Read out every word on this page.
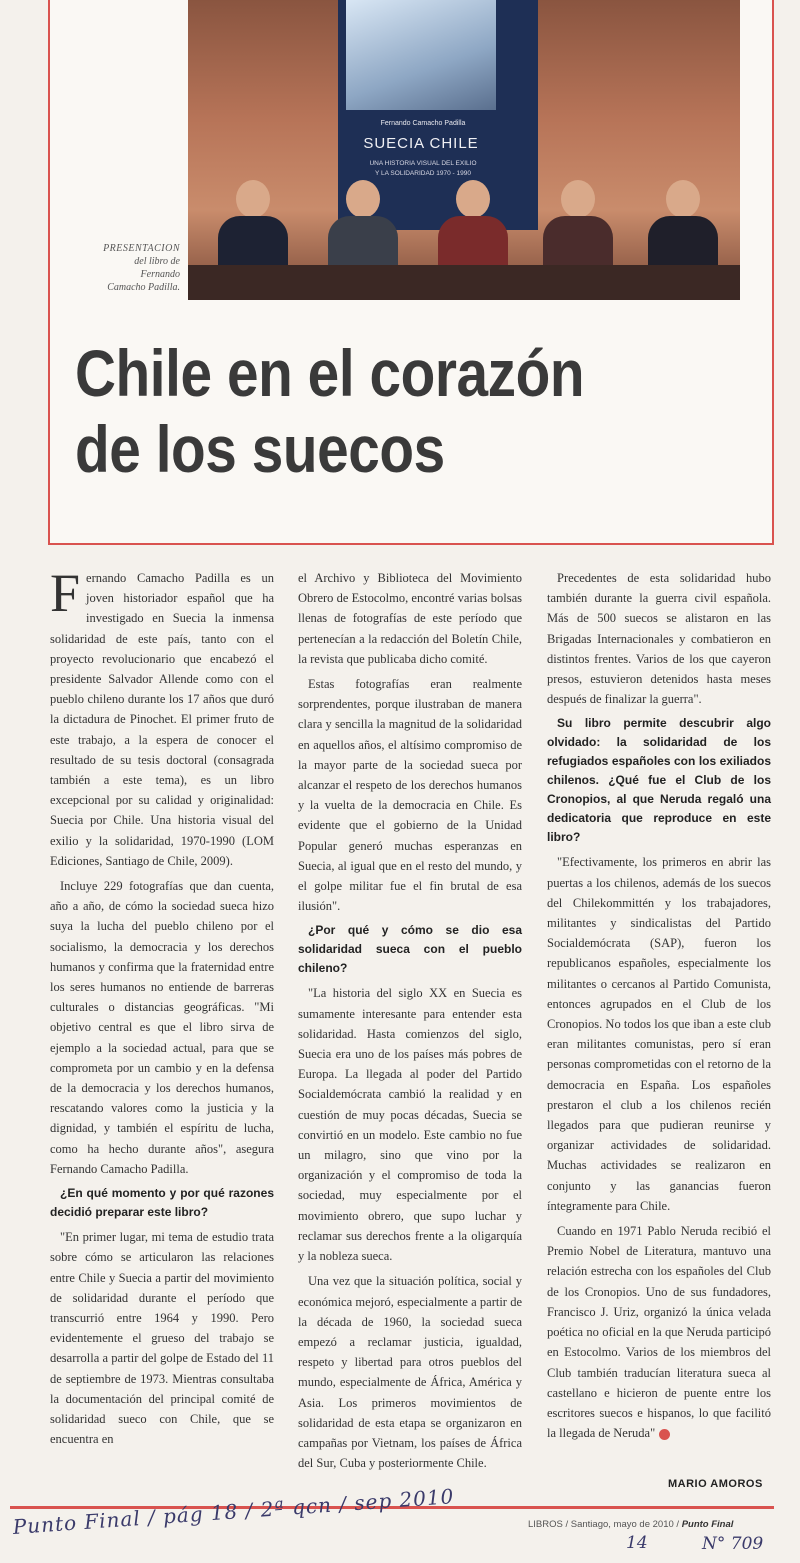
Fernando Camacho Padilla
SUECIA CHILE
UNA HISTORIA VISUAL DEL EXILIO
Y LA SOLIDARIDAD 1970 - 1990
PRESENTACION
del libro de
Fernando
Camacho Padilla.
Chile en el corazón
de los suecos

Fernando Camacho Padilla es un joven historiador español que ha investigado en Suecia la inmensa solidaridad de este país, tanto con el proyecto revolucionario que encabezó el presidente Salvador Allende como con el pueblo chileno durante los 17 años que duró la dictadura de Pinochet. El primer fruto de este trabajo, a la espera de conocer el resultado de su tesis doctoral (consagrada también a este tema), es un libro excepcional por su calidad y originalidad: Suecia por Chile. Una historia visual del exilio y la solidaridad, 1970-1990 (LOM Ediciones, Santiago de Chile, 2009).

Incluye 229 fotografías que dan cuenta, año a año, de cómo la sociedad sueca hizo suya la lucha del pueblo chileno por el socialismo, la democracia y los derechos humanos y confirma que la fraternidad entre los seres humanos no entiende de barreras culturales o distancias geográficas. "Mi objetivo central es que el libro sirva de ejemplo a la sociedad actual, para que se comprometa por un cambio y en la defensa de la democracia y los derechos humanos, rescatando valores como la justicia y la dignidad, y también el espíritu de lucha, como ha hecho durante años", asegura Fernando Camacho Padilla.

¿En qué momento y por qué razones decidió preparar este libro?

"En primer lugar, mi tema de estudio trata sobre cómo se articularon las relaciones entre Chile y Suecia a partir del movimiento de solidaridad durante el período que transcurrió entre 1964 y 1990. Pero evidentemente el grueso del trabajo se desarrolla a partir del golpe de Estado del 11 de septiembre de 1973. Mientras consultaba la documentación del principal comité de solidaridad sueco con Chile, que se encuentra en

el Archivo y Biblioteca del Movimiento Obrero de Estocolmo, encontré varias bolsas llenas de fotografías de este período que pertenecían a la redacción del Boletín Chile, la revista que publicaba dicho comité.

Estas fotografías eran realmente sorprendentes, porque ilustraban de manera clara y sencilla la magnitud de la solidaridad en aquellos años, el altísimo compromiso de la mayor parte de la sociedad sueca por alcanzar el respeto de los derechos humanos y la vuelta de la democracia en Chile. Es evidente que el gobierno de la Unidad Popular generó muchas esperanzas en Suecia, al igual que en el resto del mundo, y el golpe militar fue el fin brutal de esa ilusión".

¿Por qué y cómo se dio esa solidaridad sueca con el pueblo chileno?

"La historia del siglo XX en Suecia es sumamente interesante para entender esta solidaridad. Hasta comienzos del siglo, Suecia era uno de los países más pobres de Europa. La llegada al poder del Partido Socialdemócrata cambió la realidad y en cuestión de muy pocas décadas, Suecia se convirtió en un modelo. Este cambio no fue un milagro, sino que vino por la organización y el compromiso de toda la sociedad, muy especialmente por el movimiento obrero, que supo luchar y reclamar sus derechos frente a la oligarquía y la nobleza sueca.

Una vez que la situación política, social y económica mejoró, especialmente a partir de la década de 1960, la sociedad sueca empezó a reclamar justicia, igualdad, respeto y libertad para otros pueblos del mundo, especialmente de África, América y Asia. Los primeros movimientos de solidaridad de esta etapa se organizaron en campañas por Vietnam, los países de África del Sur, Cuba y posteriormente Chile.

Precedentes de esta solidaridad hubo también durante la guerra civil española. Más de 500 suecos se alistaron en las Brigadas Internacionales y combatieron en distintos frentes. Varios de los que cayeron presos, estuvieron detenidos hasta meses después de finalizar la guerra".

Su libro permite descubrir algo olvidado: la solidaridad de los refugiados españoles con los exiliados chilenos. ¿Qué fue el Club de los Cronopios, al que Neruda regaló una dedicatoria que reproduce en este libro?

"Efectivamente, los primeros en abrir las puertas a los chilenos, además de los suecos del Chilekommittén y los trabajadores, militantes y sindicalistas del Partido Socialdemócrata (SAP), fueron los republicanos españoles, especialmente los militantes o cercanos al Partido Comunista, entonces agrupados en el Club de los Cronopios. No todos los que iban a este club eran militantes comunistas, pero sí eran personas comprometidas con el retorno de la democracia en España. Los españoles prestaron el club a los chilenos recién llegados para que pudieran reunirse y organizar actividades de solidaridad. Muchas actividades se realizaron en conjunto y las ganancias fueron íntegramente para Chile.

Cuando en 1971 Pablo Neruda recibió el Premio Nobel de Literatura, mantuvo una relación estrecha con los españoles del Club de los Cronopios. Uno de sus fundadores, Francisco J. Uriz, organizó la única velada poética no oficial en la que Neruda participó en Estocolmo. Varios de los miembros del Club también traducían literatura sueca al castellano e hicieron de puente entre los escritores suecos e hispanos, lo que facilitó la llegada de Neruda"

MARIO AMOROS
Punto Final / pág 18 / 2ª qcn / sep 2010	LIBROS / Santiago, mayo de 2010 / Punto Final
14	N° 709
